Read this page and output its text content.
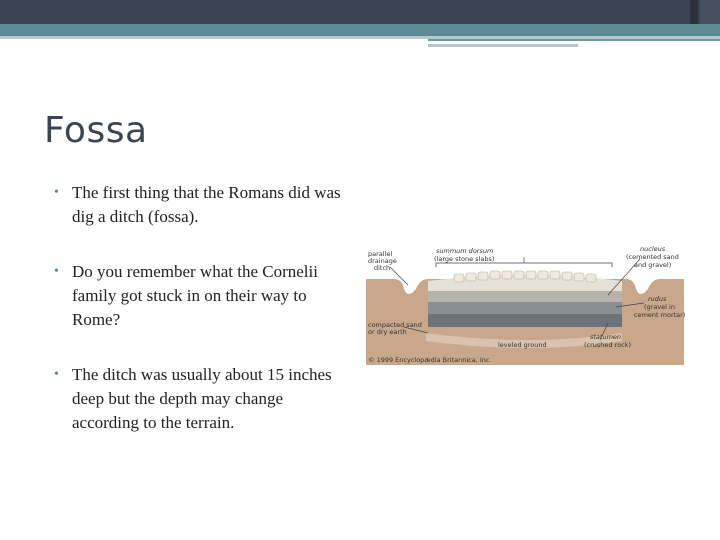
Fossa
• The first thing that the Romans did was dig a ditch (fossa).
• Do you remember what the Cornelii family got stuck in on their way to Rome?
• The ditch was usually about 15 inches deep but the depth may change according to the terrain.
parallel
drainage
ditch
summum dorsum
(large stone slabs)
nucleus
(cemented sand
and gravel)
rudus
(gravel in
cement mortar)
compacted sand
or dry earth
statumen
(crushed rock)
leveled ground
© 1999 Encyclopædia Britannica, Inc.
